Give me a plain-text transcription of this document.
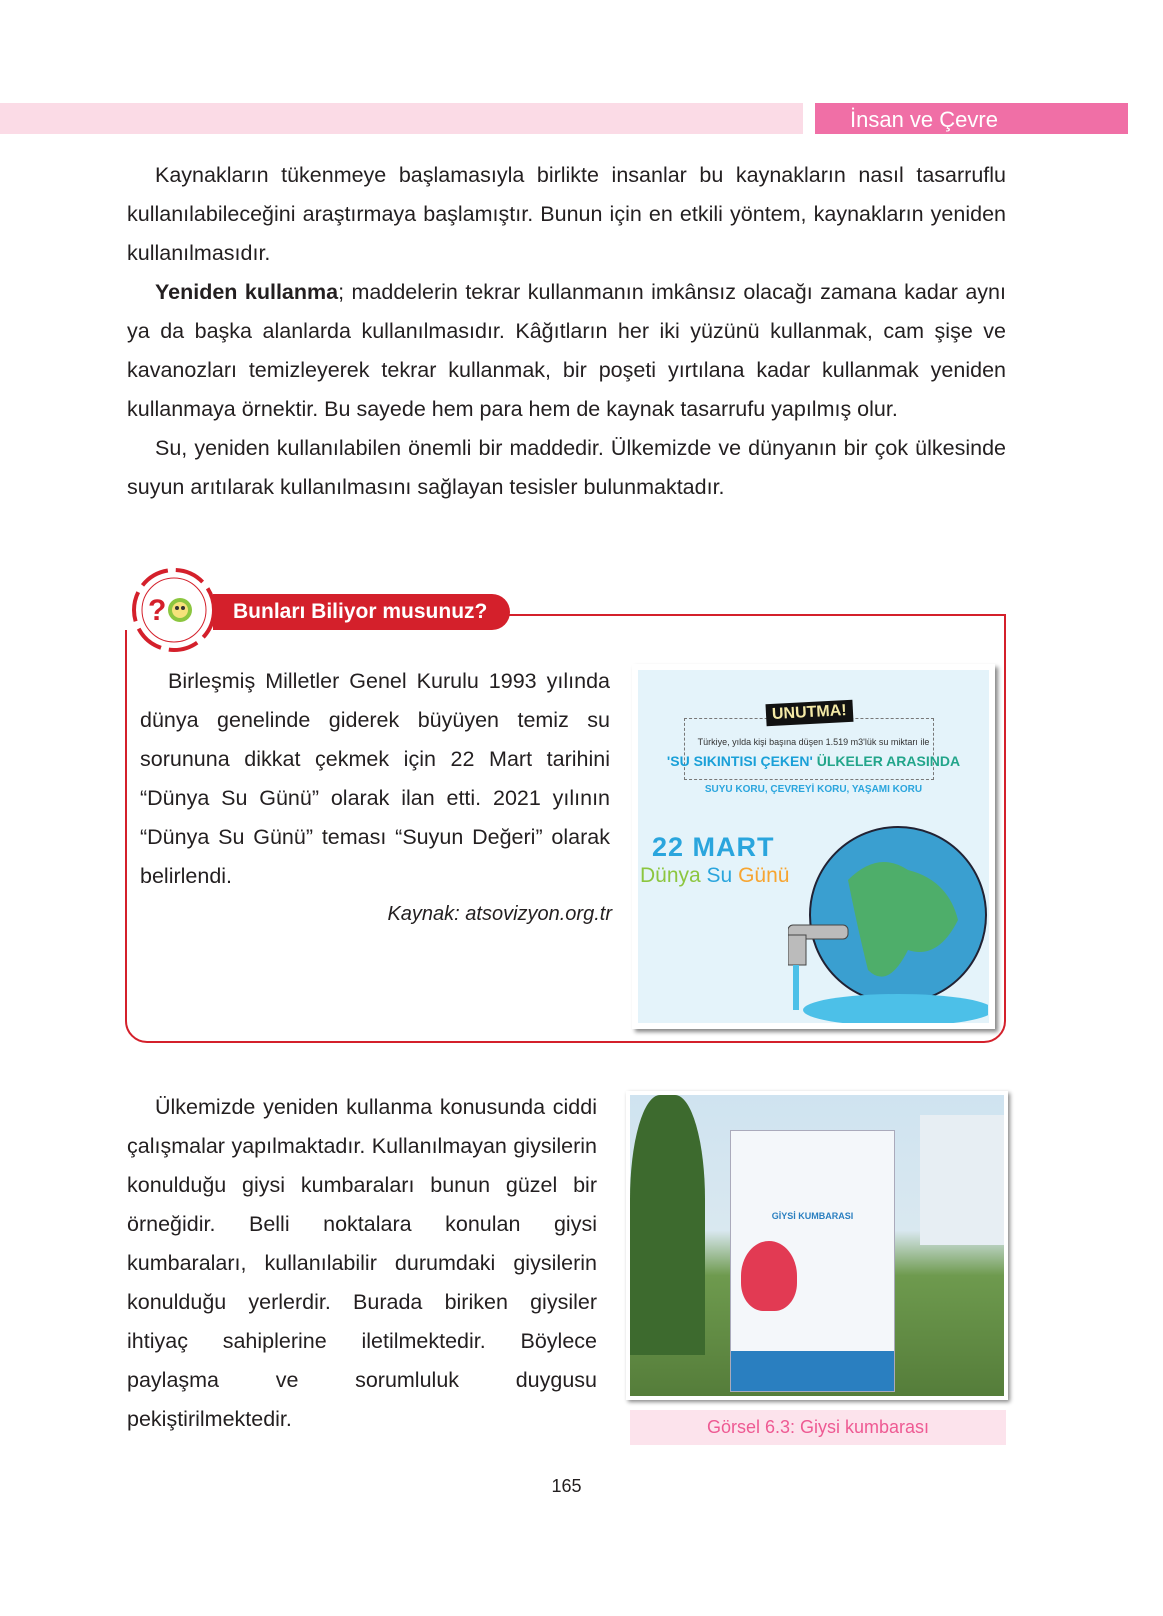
İnsan ve Çevre

Kaynakların tükenmeye başlamasıyla birlikte insanlar bu kaynakların nasıl tasarruflu kullanılabileceğini araştırmaya başlamıştır. Bunun için en etkili yöntem, kaynakların yeniden kullanılmasıdır.

Yeniden kullanma; maddelerin tekrar kullanmanın imkânsız olacağı zamana kadar aynı ya da başka alanlarda kullanılmasıdır. Kâğıtların her iki yüzünü kullanmak, cam şişe ve kavanozları temizleyerek tekrar kullanmak, bir poşeti yırtılana kadar kullanmak yeniden kullanmaya örnektir. Bu sayede hem para hem de kaynak tasarrufu yapılmış olur.

Su, yeniden kullanılabilen önemli bir maddedir. Ülkemizde ve dünyanın bir çok ülkesinde suyun arıtılarak kullanılmasını sağlayan tesisler bulunmaktadır.

Bunları Biliyor musunuz?
?

Birleşmiş Milletler Genel Kurulu 1993 yılında dünya genelinde giderek büyüyen temiz su sorununa dikkat çekmek için 22 Mart tarihini “Dünya Su Günü” olarak ilan etti. 2021 yılının “Dünya Su Günü” teması “Suyun Değeri” olarak belirlendi.

Kaynak: atsovizyon.org.tr
UNUTMA!
Türkiye, yılda kişi başına düşen 1.519 m3'lük su miktarı ile
'SU SIKINTISI ÇEKEN' ÜLKELER ARASINDA
SUYU KORU, ÇEVREYİ KORU, YAŞAMI KORU
22 MART
Dünya Su Günü

Ülkemizde yeniden kullanma konusunda ciddi çalışmalar yapılmaktadır. Kullanılmayan giysilerin konulduğu giysi kumbaraları bunun güzel bir örneğidir. Belli noktalara konulan giysi kumbaraları, kullanılabilir durumdaki giysilerin konulduğu yerlerdir. Burada biriken giysiler ihtiyaç sahiplerine iletilmektedir. Böylece paylaşma ve sorumluluk duygusu pekiştirilmektedir.

GİYSİ KUMBARASI
Görsel 6.3: Giysi kumbarası
165
